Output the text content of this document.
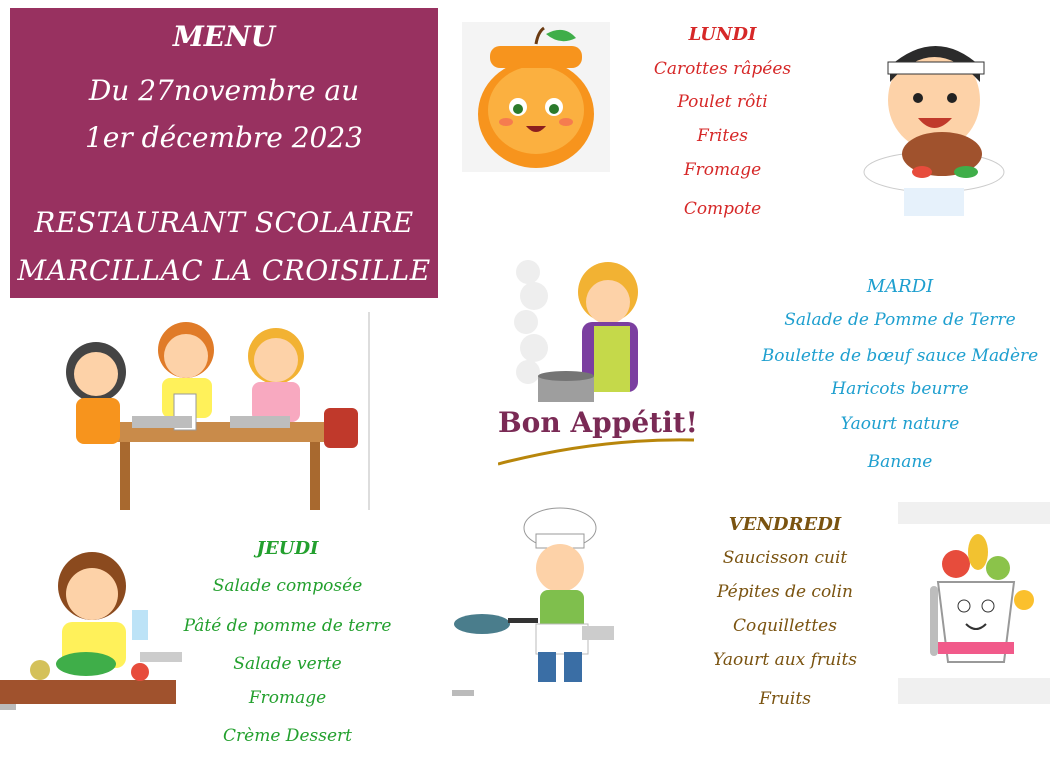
MENU
Du 27novembre au
1er décembre 2023
RESTAURANT SCOLAIRE
MARCILLAC LA CROISILLE
LUNDI
Carottes râpées
Poulet rôti
Frites
Fromage
Compote
Bon Appétit!
MARDI
Salade de Pomme de Terre
Boulette de bœuf sauce Madère
Haricots beurre
Yaourt nature
Banane
JEUDI
Salade composée
Pâté de pomme de terre
Salade verte
Fromage
Crème Dessert
VENDREDI
Saucisson cuit
Pépites de colin
Coquillettes
Yaourt aux fruits
Fruits
